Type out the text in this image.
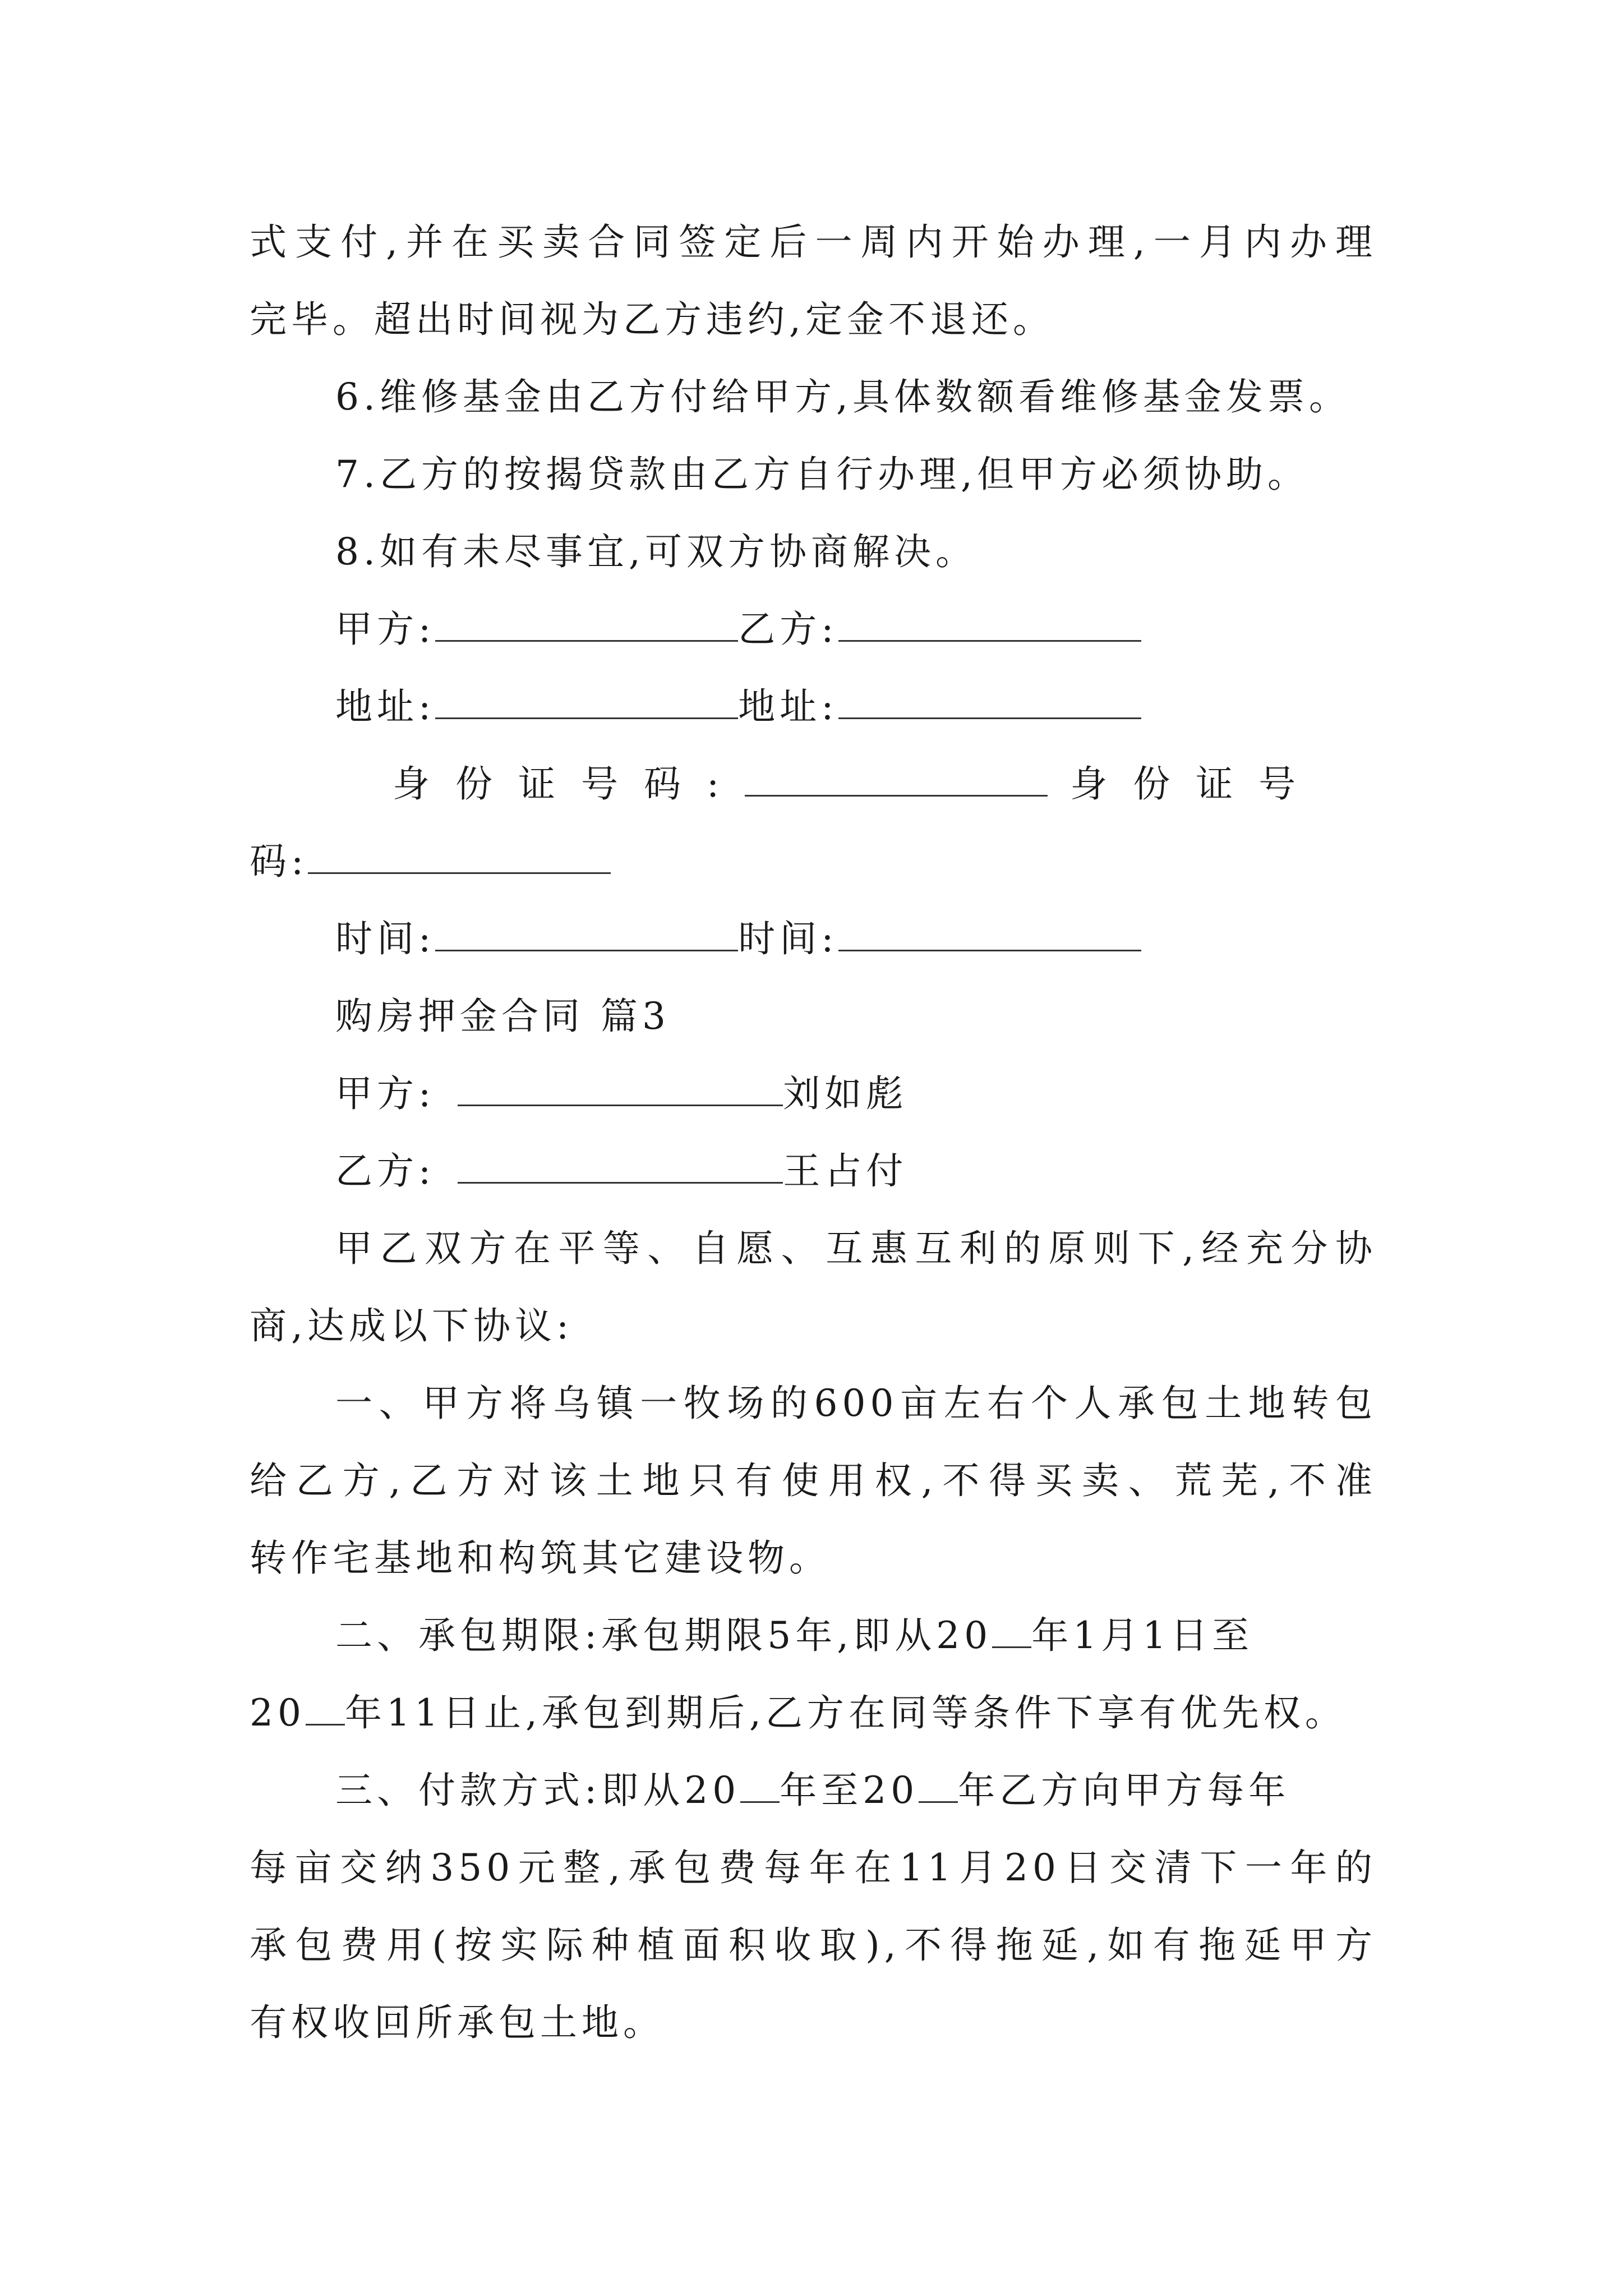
式支付,并在买卖合同签定后一周内开始办理,一月内办理
完毕。超出时间视为乙方违约,定金不退还。
6.维修基金由乙方付给甲方,具体数额看维修基金发票。
7.乙方的按揭贷款由乙方自行办理,但甲方必须协助。
8.如有未尽事宜,可双方协商解决。
甲方:	乙方:
地址:	地址:
身份证号码:	身份证号
码:
时间:	时间:
购房押金合同 篇3
甲方:	刘如彪
乙方:	王占付
甲乙双方在平等、自愿、互惠互利的原则下,经充分协
商,达成以下协议:
一、甲方将乌镇一牧场的600亩左右个人承包土地转包
给乙方,乙方对该土地只有使用权,不得买卖、荒芜,不准
转作宅基地和构筑其它建设物。
二、承包期限:承包期限5年,即从20 年1月1日至
20 年11日止,承包到期后,乙方在同等条件下享有优先权。
三、付款方式:即从20 年至20 年乙方向甲方每年
每亩交纳350元整,承包费每年在11月20日交清下一年的
承包费用(按实际种植面积收取),不得拖延,如有拖延甲方
有权收回所承包土地。
